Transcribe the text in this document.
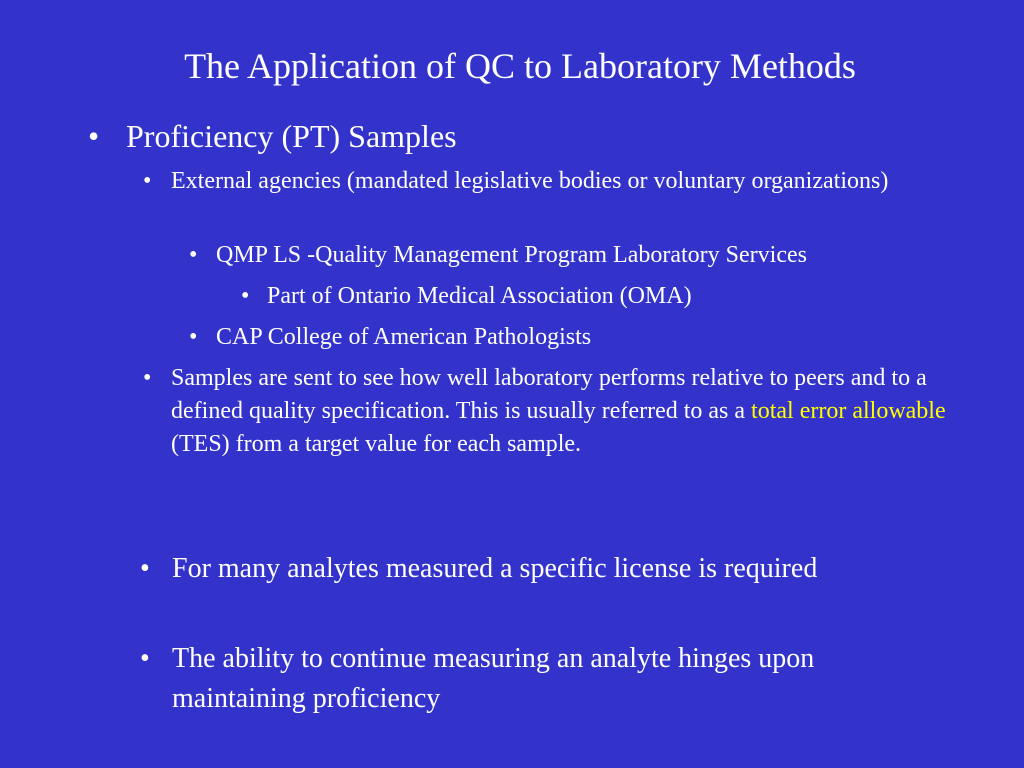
The Application of QC to Laboratory Methods
• Proficiency (PT) Samples
• External agencies (mandated legislative bodies or voluntary organizations)
• QMP LS -Quality Management Program Laboratory Services
• Part of Ontario Medical Association (OMA)
• CAP College of American Pathologists
• Samples are sent to see how well laboratory performs relative to peers and to a defined quality specification. This is usually referred to as a total error allowable (TES) from a target value for each sample.
• For many analytes measured a specific license is required
• The ability to continue measuring an analyte hinges upon maintaining proficiency
